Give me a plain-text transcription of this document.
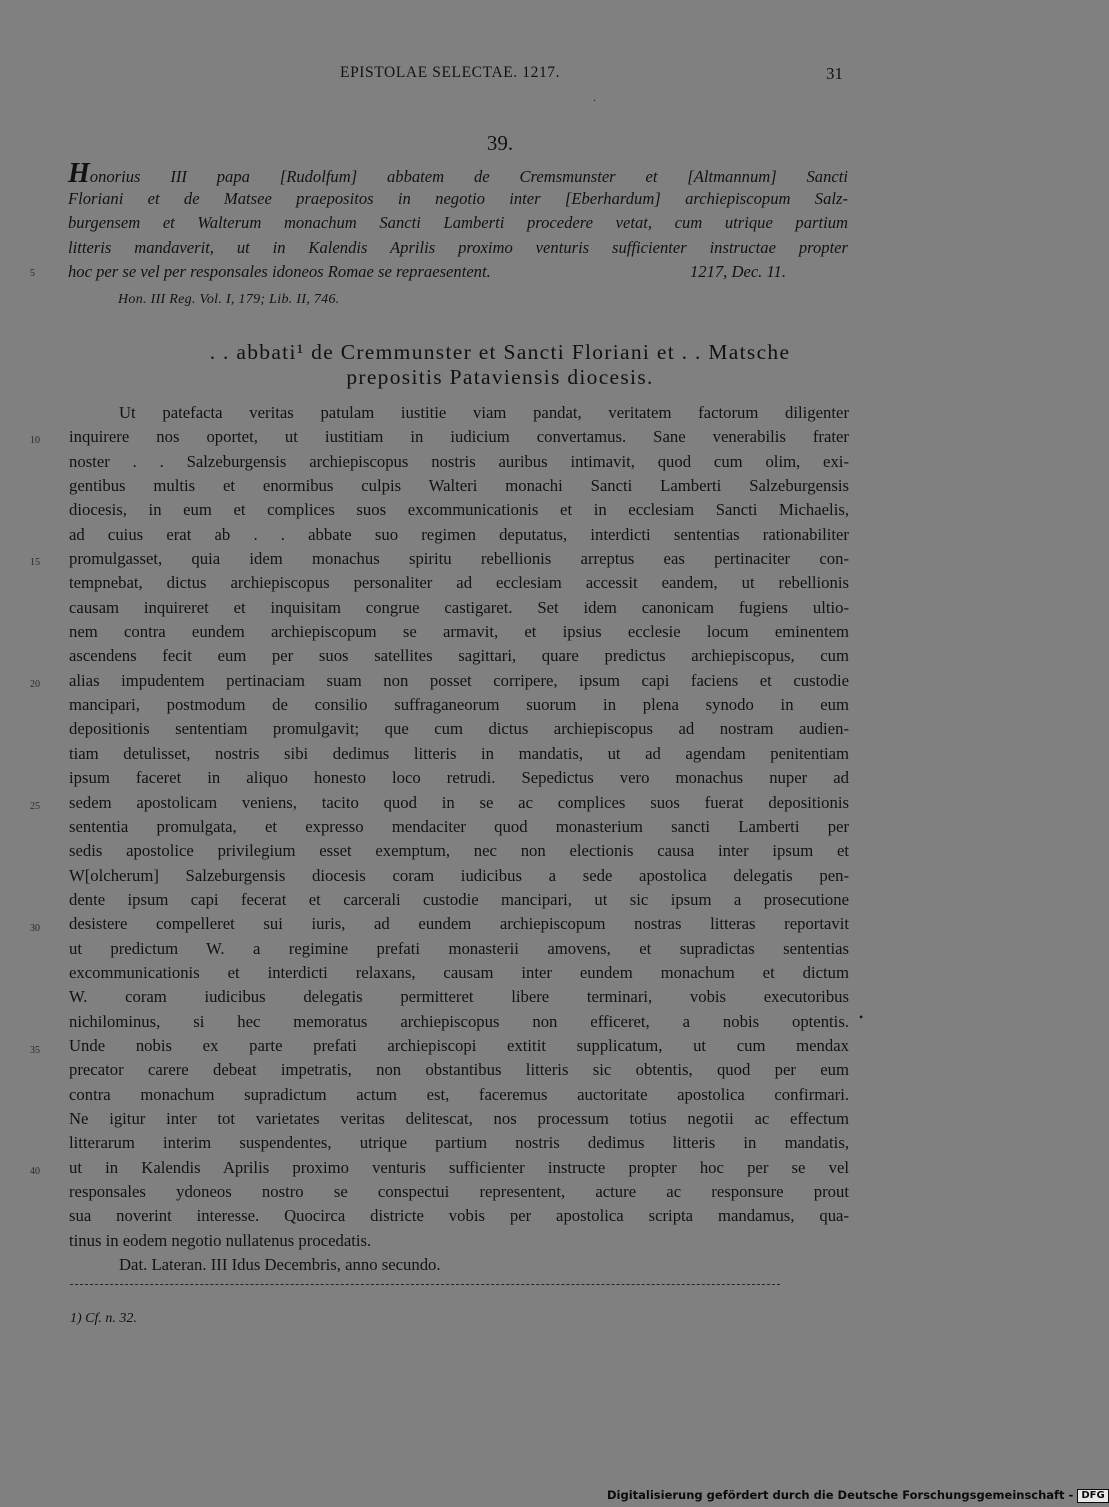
EPISTOLAE SELECTAE. 1217.	31
·
39.
Honorius III papa [Rudolfum] abbatem de Cremsmunster et [Altmannum] Sancti
Floriani et de Matsee praepositos in negotio inter [Eberhardum] archiepiscopum Salz-
burgensem et Walterum monachum Sancti Lamberti procedere vetat, cum utrique partium
litteris mandaverit, ut in Kalendis Aprilis proximo venturis sufficienter instructae propter
hoc per se vel per responsales idoneos Romae se repraesentent.	1217, Dec. 11.
Hon. III Reg. Vol. I, 179; Lib. II, 746.
. . abbati¹ de Cremmunster et Sancti Floriani et . . Matsche
prepositis Pataviensis diocesis.
5
10
15
20
25
30
35
40
Ut patefacta veritas patulam iustitie viam pandat, veritatem factorum diligenter
inquirere nos oportet, ut iustitiam in iudicium convertamus. Sane venerabilis frater
noster . . Salzeburgensis archiepiscopus nostris auribus intimavit, quod cum olim, exi-
gentibus multis et enormibus culpis Walteri monachi Sancti Lamberti Salzeburgensis
diocesis, in eum et complices suos excommunicationis et in ecclesiam Sancti Michaelis,
ad cuius erat ab . . abbate suo regimen deputatus, interdicti sententias rationabiliter
promulgasset, quia idem monachus spiritu rebellionis arreptus eas pertinaciter con-
tempnebat, dictus archiepiscopus personaliter ad ecclesiam accessit eandem, ut rebellionis
causam inquireret et inquisitam congrue castigaret. Set idem canonicam fugiens ultio-
nem contra eundem archiepiscopum se armavit, et ipsius ecclesie locum eminentem
ascendens fecit eum per suos satellites sagittari, quare predictus archiepiscopus, cum
alias impudentem pertinaciam suam non posset corripere, ipsum capi faciens et custodie
mancipari, postmodum de consilio suffraganeorum suorum in plena synodo in eum
depositionis sententiam promulgavit; que cum dictus archiepiscopus ad nostram audien-
tiam detulisset, nostris sibi dedimus litteris in mandatis, ut ad agendam penitentiam
ipsum faceret in aliquo honesto loco retrudi. Sepedictus vero monachus nuper ad
sedem apostolicam veniens, tacito quod in se ac complices suos fuerat depositionis
sententia promulgata, et expresso mendaciter quod monasterium sancti Lamberti per
sedis apostolice privilegium esset exemptum, nec non electionis causa inter ipsum et
W[olcherum] Salzeburgensis diocesis coram iudicibus a sede apostolica delegatis pen-
dente ipsum capi fecerat et carcerali custodie mancipari, ut sic ipsum a prosecutione
desistere compelleret sui iuris, ad eundem archiepiscopum nostras litteras reportavit
ut predictum W. a regimine prefati monasterii amovens, et supradictas sententias
excommunicationis et interdicti relaxans, causam inter eundem monachum et dictum
W. coram iudicibus delegatis permitteret libere terminari, vobis executoribus
nichilominus, si hec memoratus archiepiscopus non efficeret, a nobis optentis.
Unde nobis ex parte prefati archiepiscopi extitit supplicatum, ut cum mendax
precator carere debeat impetratis, non obstantibus litteris sic obtentis, quod per eum
contra monachum supradictum actum est, faceremus auctoritate apostolica confirmari.
Ne igitur inter tot varietates veritas delitescat, nos processum totius negotii ac effectum
litterarum interim suspendentes, utrique partium nostris dedimus litteris in mandatis,
ut in Kalendis Aprilis proximo venturis sufficienter instructe propter hoc per se vel
responsales ydoneos nostro se conspectui representent, acture ac responsure prout
sua noverint interesse. Quocirca districte vobis per apostolica scripta mandamus, qua-
tinus in eodem negotio nullatenus procedatis.
Dat. Lateran. III Idus Decembris, anno secundo.
•
1) Cf. n. 32.
Digitalisierung gefördert durch die Deutsche Forschungsgemeinschaft - DFG
